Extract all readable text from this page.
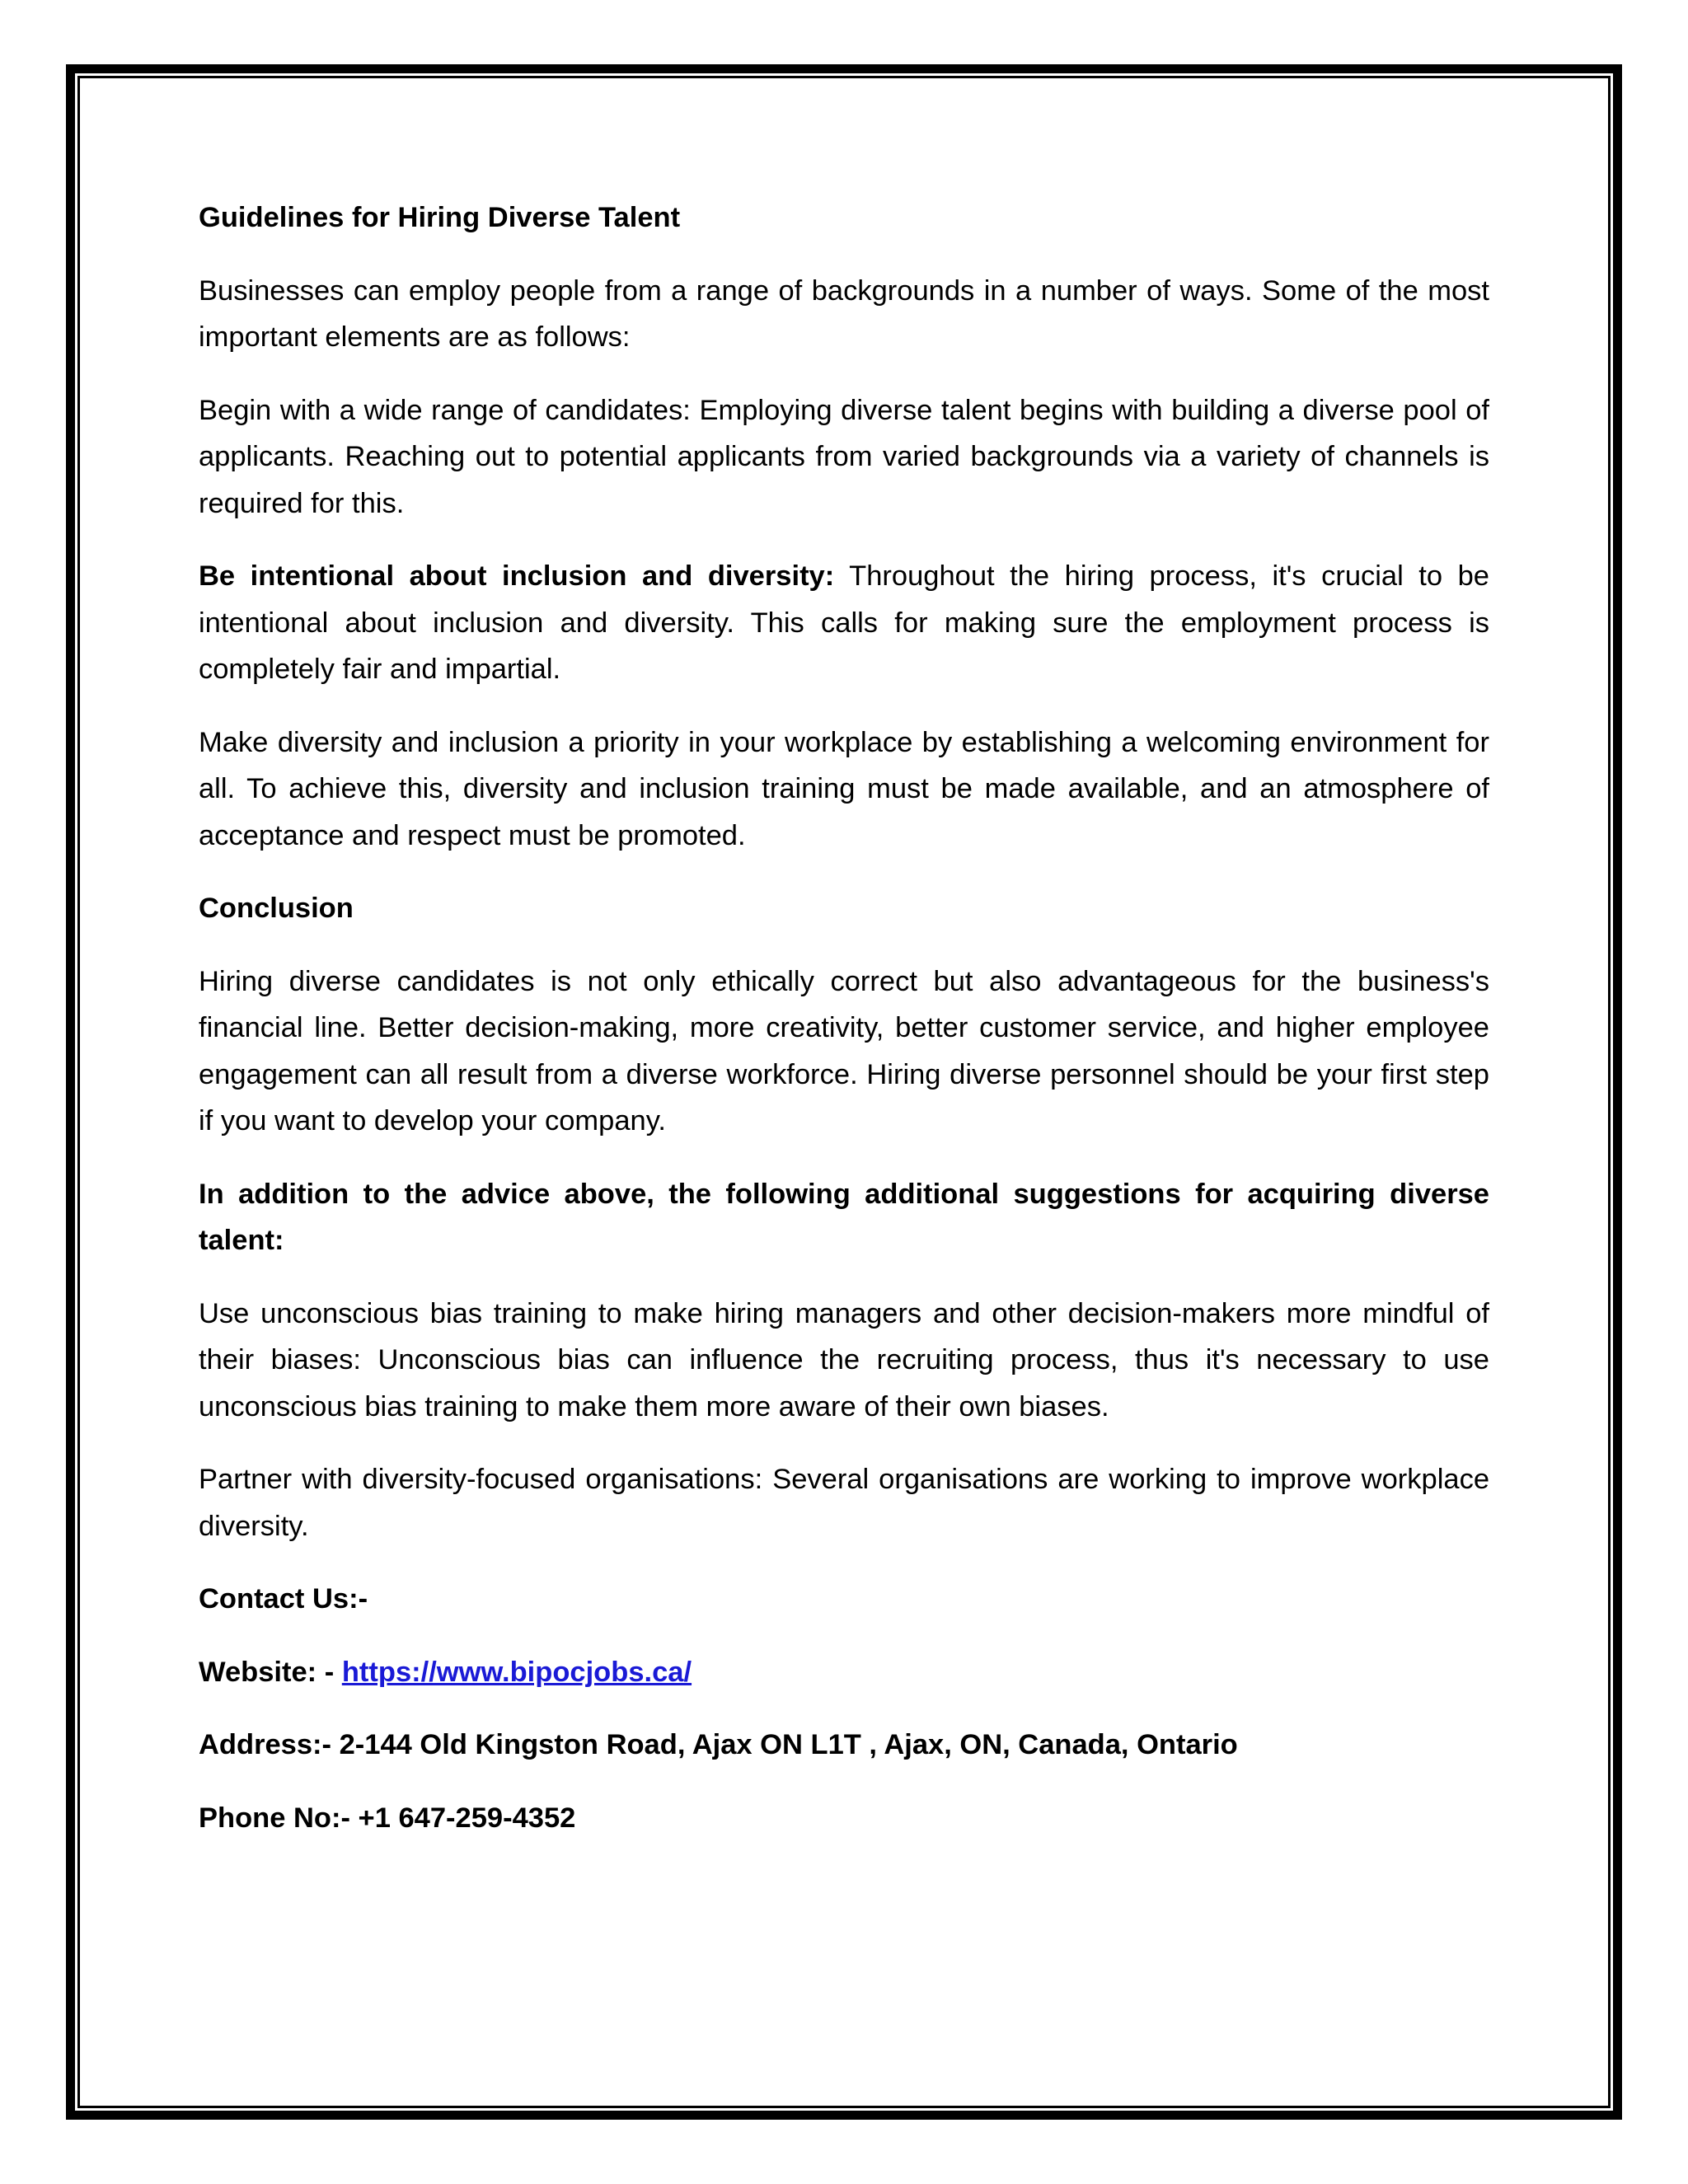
Guidelines for Hiring Diverse Talent

Businesses can employ people from a range of backgrounds in a number of ways. Some of the most important elements are as follows:

Begin with a wide range of candidates: Employing diverse talent begins with building a diverse pool of applicants. Reaching out to potential applicants from varied backgrounds via a variety of channels is required for this.

Be intentional about inclusion and diversity: Throughout the hiring process, it's crucial to be intentional about inclusion and diversity. This calls for making sure the employment process is completely fair and impartial.

Make diversity and inclusion a priority in your workplace by establishing a welcoming environment for all. To achieve this, diversity and inclusion training must be made available, and an atmosphere of acceptance and respect must be promoted.

Conclusion

Hiring diverse candidates is not only ethically correct but also advantageous for the business's financial line. Better decision-making, more creativity, better customer service, and higher employee engagement can all result from a diverse workforce. Hiring diverse personnel should be your first step if you want to develop your company.

In addition to the advice above, the following additional suggestions for acquiring diverse talent:

Use unconscious bias training to make hiring managers and other decision-makers more mindful of their biases: Unconscious bias can influence the recruiting process, thus it's necessary to use unconscious bias training to make them more aware of their own biases.

Partner with diversity-focused organisations: Several organisations are working to improve workplace diversity.

Contact Us:-

Website: - https://www.bipocjobs.ca/

Address:- 2-144 Old Kingston Road, Ajax ON L1T , Ajax, ON, Canada, Ontario

Phone No:- +1 647-259-4352
